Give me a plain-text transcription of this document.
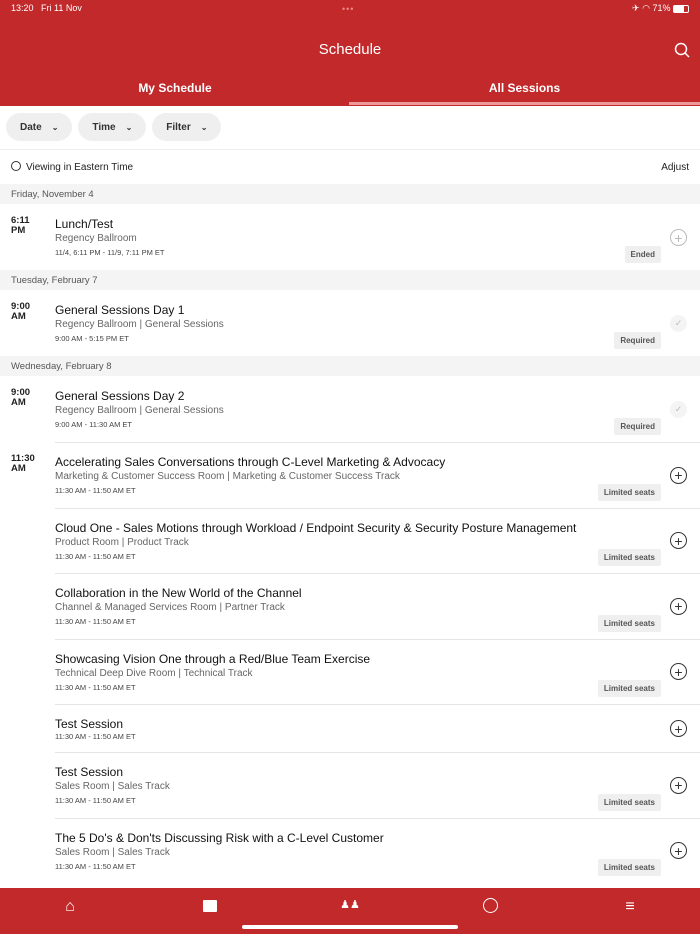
13:20 Fri 11 Nov	✈ ◠ 71%
•••
Schedule
My Schedule	All Sessions
Date ⌄	Time ⌄	Filter ⌄
Viewing in Eastern Time	Adjust
Friday, November 4
6:11
PM	Lunch/Test
Regency Ballroom
11/4, 6:11 PM - 11/9, 7:11 PM ET	Ended
+
Tuesday, February 7
9:00
AM	General Sessions Day 1
Regency Ballroom | General Sessions
9:00 AM - 5:15 PM ET	Required
✓
Wednesday, February 8
9:00
AM	General Sessions Day 2
Regency Ballroom | General Sessions
9:00 AM - 11:30 AM ET	Required
✓
11:30
AM	Accelerating Sales Conversations through C-Level Marketing & Advocacy
Marketing & Customer Success Room | Marketing & Customer Success Track
11:30 AM - 11:50 AM ET	Limited seats
+
Cloud One - Sales Motions through Workload / Endpoint Security & Security Posture Management
Product Room | Product Track
11:30 AM - 11:50 AM ET	Limited seats
+
Collaboration in the New World of the Channel
Channel & Managed Services Room | Partner Track
11:30 AM - 11:50 AM ET	Limited seats
+
Showcasing Vision One through a Red/Blue Team Exercise
Technical Deep Dive Room | Technical Track
11:30 AM - 11:50 AM ET	Limited seats
+
Test Session
11:30 AM - 11:50 AM ET	+
Test Session
Sales Room | Sales Track
11:30 AM - 11:50 AM ET	Limited seats
+
The 5 Do's & Don'ts Discussing Risk with a C-Level Customer
Sales Room | Sales Track
11:30 AM - 11:50 AM ET	Limited seats
+
⌂	♟♟	≡
